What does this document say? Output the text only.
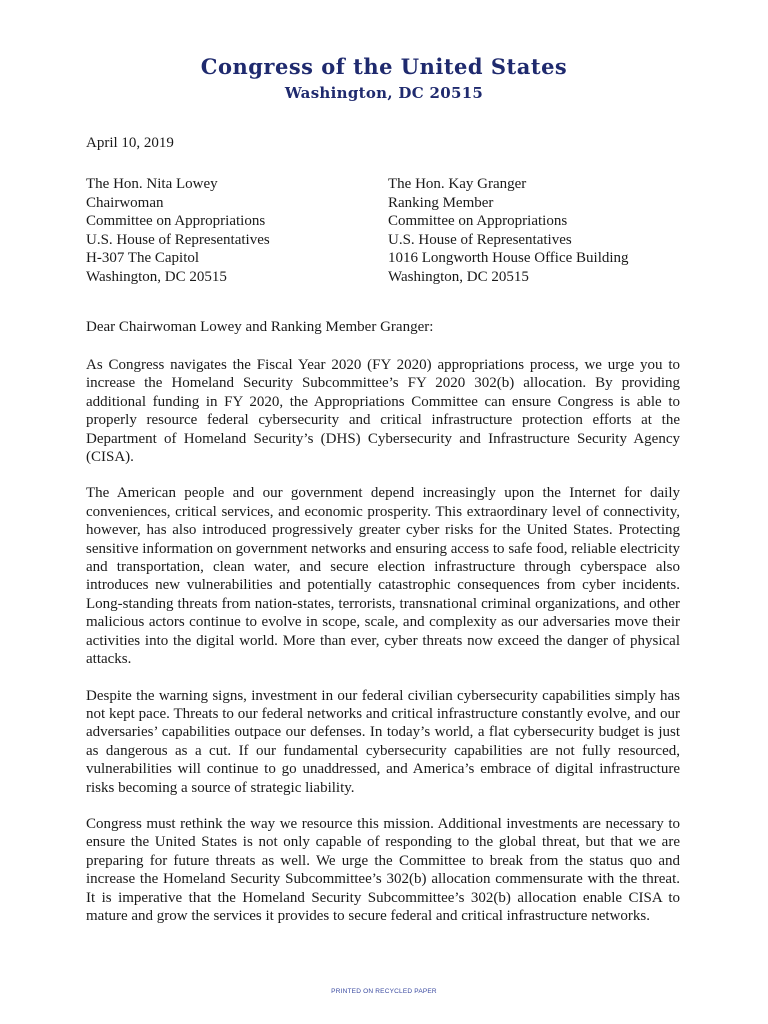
Congress of the United States
Washington, DC 20515
April 10, 2019
The Hon. Nita Lowey
Chairwoman
Committee on Appropriations
U.S. House of Representatives
H-307 The Capitol
Washington, DC 20515
The Hon. Kay Granger
Ranking Member
Committee on Appropriations
U.S. House of Representatives
1016 Longworth House Office Building
Washington, DC 20515
Dear Chairwoman Lowey and Ranking Member Granger:

As Congress navigates the Fiscal Year 2020 (FY 2020) appropriations process, we urge you to increase the Homeland Security Subcommittee’s FY 2020 302(b) allocation. By providing additional funding in FY 2020, the Appropriations Committee can ensure Congress is able to properly resource federal cybersecurity and critical infrastructure protection efforts at the Department of Homeland Security’s (DHS) Cybersecurity and Infrastructure Security Agency (CISA).

The American people and our government depend increasingly upon the Internet for daily conveniences, critical services, and economic prosperity. This extraordinary level of connectivity, however, has also introduced progressively greater cyber risks for the United States. Protecting sensitive information on government networks and ensuring access to safe food, reliable electricity and transportation, clean water, and secure election infrastructure through cyberspace also introduces new vulnerabilities and potentially catastrophic consequences from cyber incidents. Long-standing threats from nation-states, terrorists, transnational criminal organizations, and other malicious actors continue to evolve in scope, scale, and complexity as our adversaries move their activities into the digital world. More than ever, cyber threats now exceed the danger of physical attacks.

Despite the warning signs, investment in our federal civilian cybersecurity capabilities simply has not kept pace. Threats to our federal networks and critical infrastructure constantly evolve, and our adversaries’ capabilities outpace our defenses. In today’s world, a flat cybersecurity budget is just as dangerous as a cut. If our fundamental cybersecurity capabilities are not fully resourced, vulnerabilities will continue to go unaddressed, and America’s embrace of digital infrastructure risks becoming a source of strategic liability.

Congress must rethink the way we resource this mission. Additional investments are necessary to ensure the United States is not only capable of responding to the global threat, but that we are preparing for future threats as well. We urge the Committee to break from the status quo and increase the Homeland Security Subcommittee’s 302(b) allocation commensurate with the threat. It is imperative that the Homeland Security Subcommittee’s 302(b) allocation enable CISA to mature and grow the services it provides to secure federal and critical infrastructure networks.

PRINTED ON RECYCLED PAPER
